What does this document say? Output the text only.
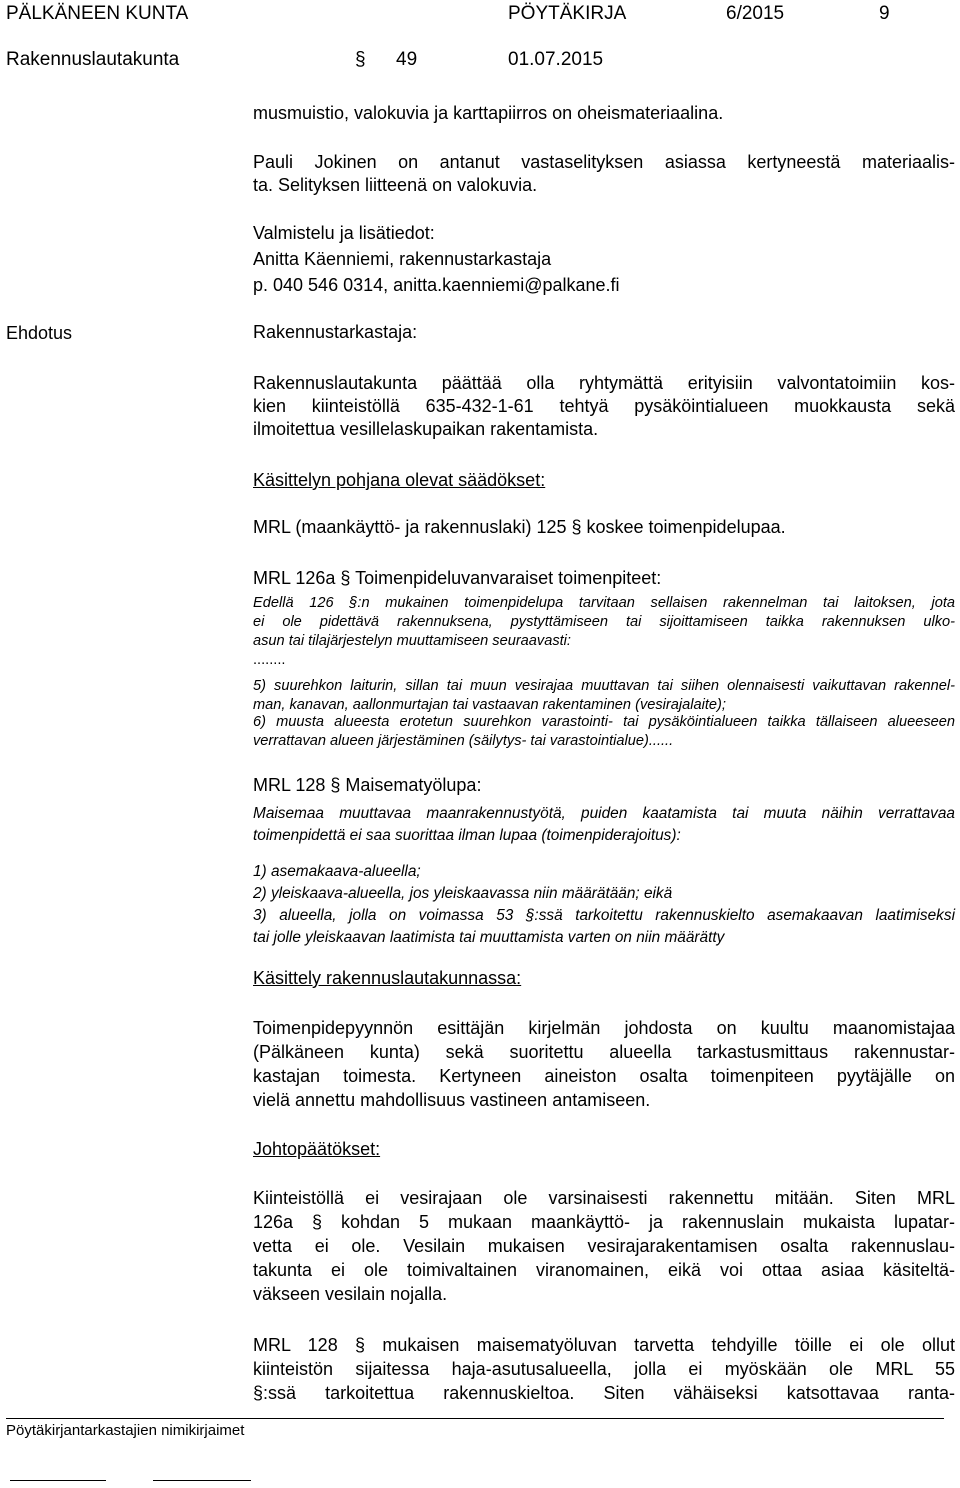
PÄLKÄNEEN KUNTA	PÖYTÄKIRJA	6/2015	9
Rakennuslautakunta	§ 49	01.07.2015
musmuistio, valokuvia ja karttapiirros on oheismateriaalina.
Pauli Jokinen on antanut vastaselityksen asiassa kertyneestä materiaalis-
ta. Selityksen liitteenä on valokuvia.
Valmistelu ja lisätiedot:
Anitta Käenniemi, rakennustarkastaja
p. 040 546 0314, anitta.kaenniemi@palkane.fi
Ehdotus	Rakennustarkastaja:
Rakennuslautakunta päättää olla ryhtymättä erityisiin valvontatoimiin kos-
kien kiinteistöllä 635-432-1-61 tehtyä pysäköintialueen muokkausta sekä
ilmoitettua vesillelaskupaikan rakentamista.
Käsittelyn pohjana olevat säädökset:
MRL (maankäyttö- ja rakennuslaki) 125 § koskee toimenpidelupaa.
MRL 126a § Toimenpideluvanvaraiset toimenpiteet:
Edellä 126 §:n mukainen toimenpidelupa tarvitaan sellaisen rakennelman tai laitoksen, jota
ei ole pidettävä rakennuksena, pystyttämiseen tai sijoittamiseen taikka rakennuksen ulko-
asun tai tilajärjestelyn muuttamiseen seuraavasti:
........
5) suurehkon laiturin, sillan tai muun vesirajaa muuttavan tai siihen olennaisesti vaikuttavan rakennel-
man, kanavan, aallonmurtajan tai vastaavan rakentaminen (vesirajalaite);
6) muusta alueesta erotetun suurehkon varastointi- tai pysäköintialueen taikka tällaiseen alueeseen
verrattavan alueen järjestäminen (säilytys- tai varastointialue)......
MRL 128 § Maisematyölupa:
Maisemaa muuttavaa maanrakennustyötä, puiden kaatamista tai muuta näihin verrattavaa
toimenpidettä ei saa suorittaa ilman lupaa (toimenpiderajoitus):
1) asemakaava-alueella;
2) yleiskaava-alueella, jos yleiskaavassa niin määrätään; eikä
3) alueella, jolla on voimassa 53 §:ssä tarkoitettu rakennuskielto asemakaavan laatimiseksi
tai jolle yleiskaavan laatimista tai muuttamista varten on niin määrätty
Käsittely rakennuslautakunnassa:
Toimenpidepyynnön esittäjän kirjelmän johdosta on kuultu maanomistajaa
(Pälkäneen kunta) sekä suoritettu alueella tarkastusmittaus rakennustar-
kastajan toimesta. Kertyneen aineiston osalta toimenpiteen pyytäjälle on
vielä annettu mahdollisuus vastineen antamiseen.
Johtopäätökset:
Kiinteistöllä ei vesirajaan ole varsinaisesti rakennettu mitään. Siten MRL
126a § kohdan 5 mukaan maankäyttö- ja rakennuslain mukaista lupatar-
vetta ei ole. Vesilain mukaisen vesirajarakentamisen osalta rakennuslau-
takunta ei ole toimivaltainen viranomainen, eikä voi ottaa asiaa käsiteltä-
väkseen vesilain nojalla.
MRL 128 § mukaisen maisematyöluvan tarvetta tehdyille töille ei ole ollut
kiinteistön sijaitessa haja-asutusalueella, jolla ei myöskään ole MRL 55
§:ssä tarkoitettua rakennuskieltoa. Siten vähäiseksi katsottavaa ranta-
Pöytäkirjantarkastajien nimikirjaimet
